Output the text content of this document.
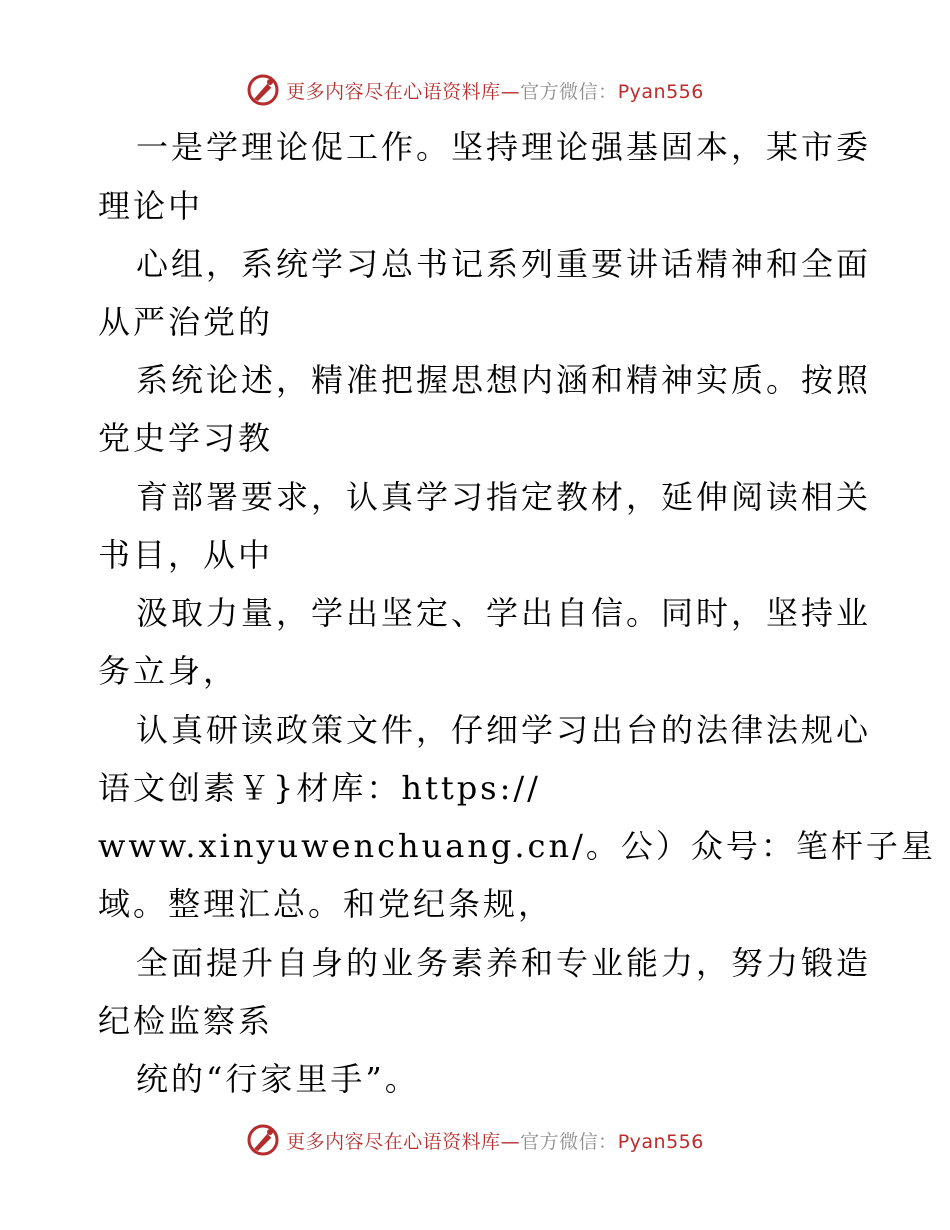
更多内容尽在心语资料库—官方微信：Pyan556
一是学理论促工作。坚持理论强基固本，某市委
理论中
心组，系统学习总书记系列重要讲话精神和全面
从严治党的
系统论述，精准把握思想内涵和精神实质。按照
党史学习教
育部署要求，认真学习指定教材，延伸阅读相关
书目，从中
汲取力量，学出坚定、学出自信。同时，坚持业
务立身，
认真研读政策文件，仔细学习出台的法律法规心
语文创素￥}材库：https://
www.xinyuwenchuang.cn/。公）众号：笔杆子星
域。整理汇总。和党纪条规，
全面提升自身的业务素养和专业能力，努力锻造
纪检监察系
统的“行家里手”。
更多内容尽在心语资料库—官方微信：Pyan556
